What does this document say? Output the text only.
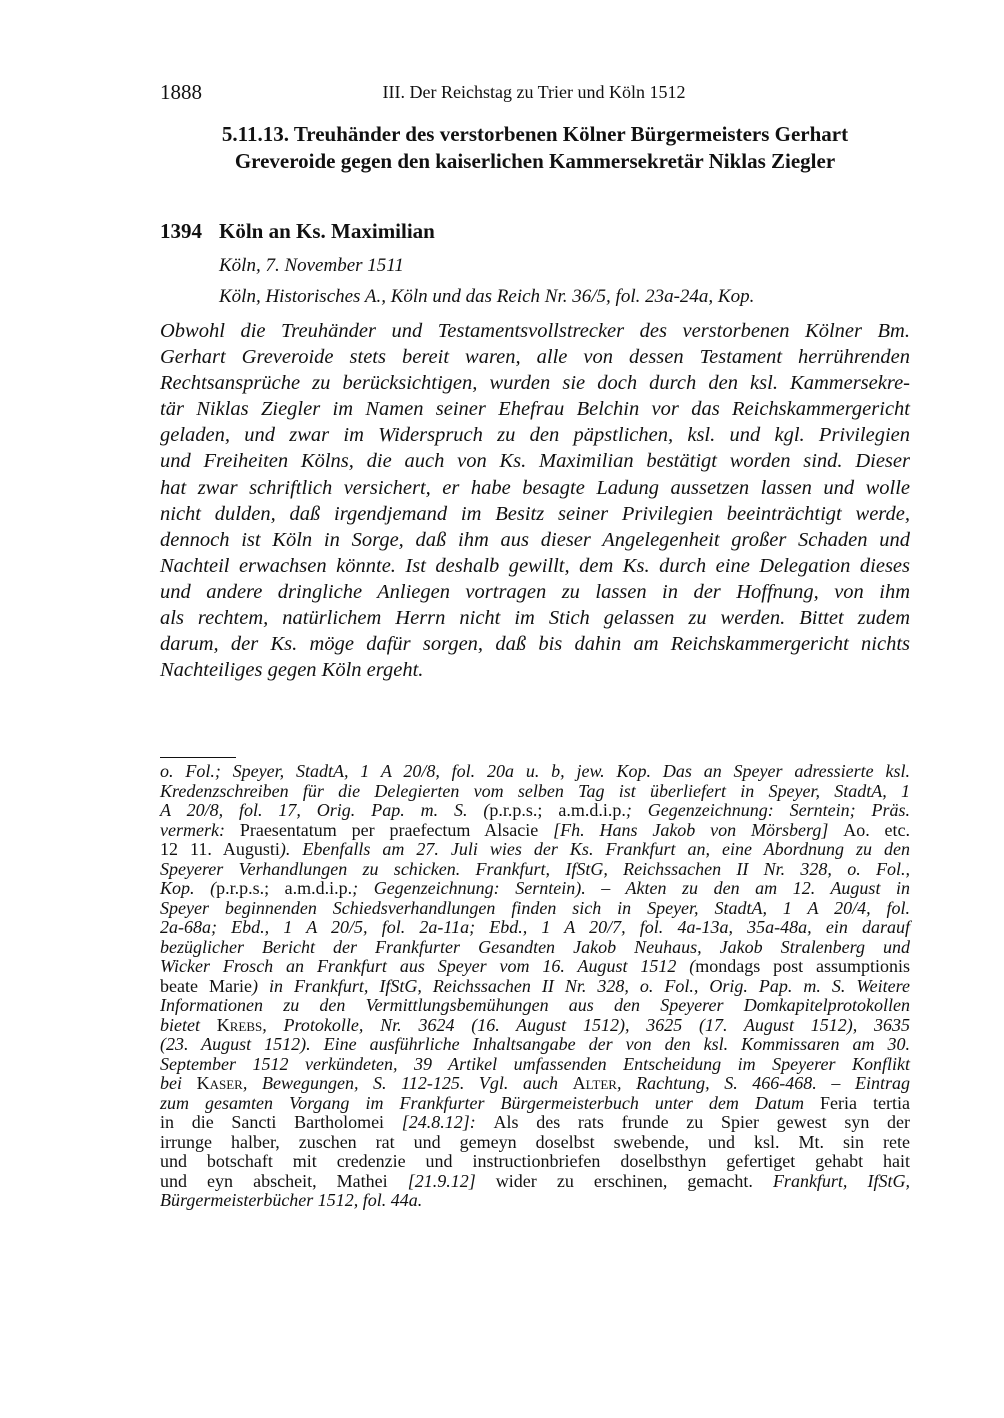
1888	III. Der Reichstag zu Trier und Köln 1512
5.11.13. Treuhänder des verstorbenen Kölner Bürgermeisters Gerhart
Greveroide gegen den kaiserlichen Kammersekretär Niklas Ziegler
1394 Köln an Ks. Maximilian
Köln, 7. November 1511
Köln, Historisches A., Köln und das Reich Nr. 36/5, fol. 23a-24a, Kop.
Obwohl die Treuhänder und Testamentsvollstrecker des verstorbenen Kölner Bm.
Gerhart Greveroide stets bereit waren, alle von dessen Testament herrührenden
Rechtsansprüche zu berücksichtigen, wurden sie doch durch den ksl. Kammersekre-
tär Niklas Ziegler im Namen seiner Ehefrau Belchin vor das Reichskammergericht
geladen, und zwar im Widerspruch zu den päpstlichen, ksl. und kgl. Privilegien
und Freiheiten Kölns, die auch von Ks. Maximilian bestätigt worden sind. Dieser
hat zwar schriftlich versichert, er habe besagte Ladung aussetzen lassen und wolle
nicht dulden, daß irgendjemand im Besitz seiner Privilegien beeinträchtigt werde,
dennoch ist Köln in Sorge, daß ihm aus dieser Angelegenheit großer Schaden und
Nachteil erwachsen könnte. Ist deshalb gewillt, dem Ks. durch eine Delegation dieses
und andere dringliche Anliegen vortragen zu lassen in der Hoffnung, von ihm
als rechtem, natürlichem Herrn nicht im Stich gelassen zu werden. Bittet zudem
darum, der Ks. möge dafür sorgen, daß bis dahin am Reichskammergericht nichts
Nachteiliges gegen Köln ergeht.
o. Fol.; Speyer, StadtA, 1 A 20/8, fol. 20a u. b, jew. Kop. Das an Speyer adressierte ksl.
Kredenzschreiben für die Delegierten vom selben Tag ist überliefert in Speyer, StadtA, 1
A 20/8, fol. 17, Orig. Pap. m. S. (p.r.p.s.; a.m.d.i.p.; Gegenzeichnung: Serntein; Präs.
vermerk: Praesentatum per praefectum Alsacie [Fh. Hans Jakob von Mörsberg] Ao. etc.
12 11. Augusti). Ebenfalls am 27. Juli wies der Ks. Frankfurt an, eine Abordnung zu den
Speyerer Verhandlungen zu schicken. Frankfurt, IfStG, Reichssachen II Nr. 328, o. Fol.,
Kop. (p.r.p.s.; a.m.d.i.p.; Gegenzeichnung: Serntein). – Akten zu den am 12. August in
Speyer beginnenden Schiedsverhandlungen finden sich in Speyer, StadtA, 1 A 20/4, fol.
2a-68a; Ebd., 1 A 20/5, fol. 2a-11a; Ebd., 1 A 20/7, fol. 4a-13a, 35a-48a, ein darauf
bezüglicher Bericht der Frankfurter Gesandten Jakob Neuhaus, Jakob Stralenberg und
Wicker Frosch an Frankfurt aus Speyer vom 16. August 1512 (mondags post assumptionis
beate Marie) in Frankfurt, IfStG, Reichssachen II Nr. 328, o. Fol., Orig. Pap. m. S. Weitere
Informationen zu den Vermittlungsbemühungen aus den Speyerer Domkapitelprotokollen
bietet Krebs, Protokolle, Nr. 3624 (16. August 1512), 3625 (17. August 1512), 3635
(23. August 1512). Eine ausführliche Inhaltsangabe der von den ksl. Kommissaren am 30.
September 1512 verkündeten, 39 Artikel umfassenden Entscheidung im Speyerer Konflikt
bei Kaser, Bewegungen, S. 112-125. Vgl. auch Alter, Rachtung, S. 466-468. – Eintrag
zum gesamten Vorgang im Frankfurter Bürgermeisterbuch unter dem Datum Feria tertia
in die Sancti Bartholomei [24.8.12]: Als des rats frunde zu Spier gewest syn der
irrunge halber, zuschen rat und gemeyn doselbst swebende, und ksl. Mt. sin rete
und botschaft mit credenzie und instructionbriefen doselbsthyn gefertiget gehabt hait
und eyn abscheit, Mathei [21.9.12] wider zu erschinen, gemacht. Frankfurt, IfStG,
Bürgermeisterbücher 1512, fol. 44a.
